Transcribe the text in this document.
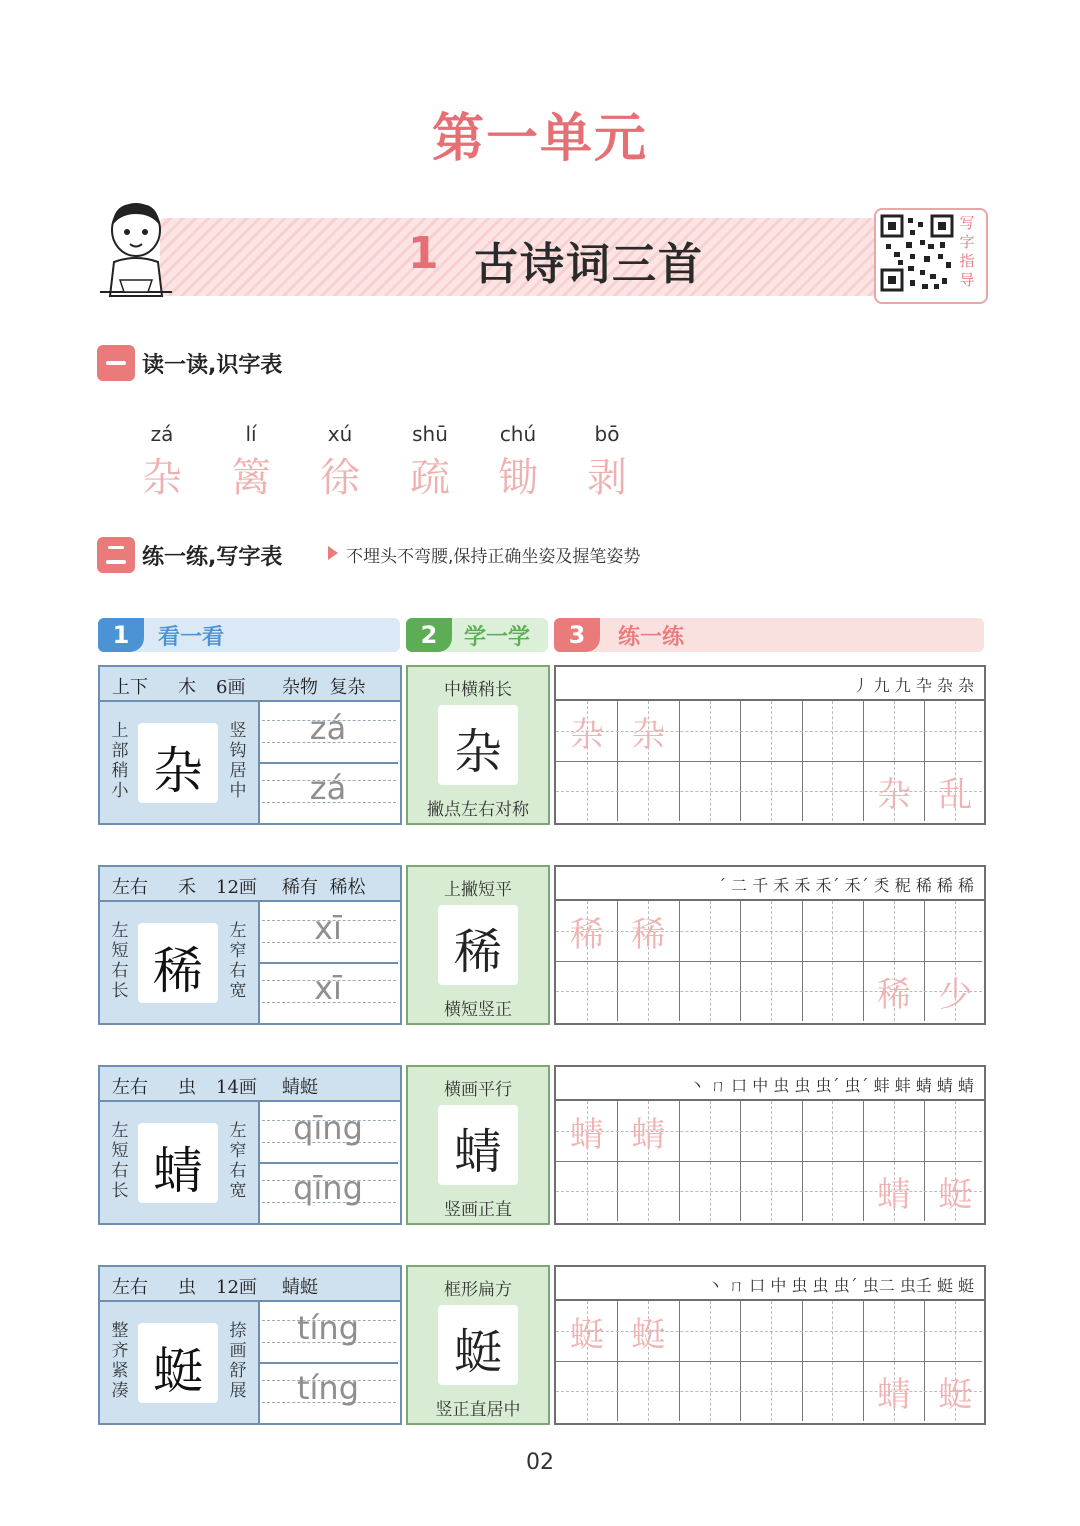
第一单元
1 古诗词三首
写字指导
读一读,识字表
zá
杂
lí
篱
xú
徐
shū
疏
chú
锄
bō
剥
练一练,写字表	不埋头不弯腰,保持正确坐姿及握笔姿势
1	看一看	2	学一学	3	练一练
上下 木 6画 杂物  复杂
上部稍小 杂
竖钩居中
zá
zá
中横稍长
杂
撇点左右对称
丿 九 九 卆 杂 杂
杂 杂
杂 乱
左右 禾 12画 稀有  稀松
左短右长 稀
左窄右宽
xī
xī
上撇短平
稀
横短竖正
ˊ 二 千 禾 禾 禾ˊ 禾ˊ 秂 秜 稀 稀 稀
稀 稀
稀 少
左右 虫 14画 蜻蜓
左短右长 蜻
左窄右宽
qīng
qīng
横画平行
蜻
竖画正直
丶 ㄇ 口 中 虫 虫 虫ˊ 虫ˊ 蚌 蚌 蜻 蜻 蜻
蜻 蜻
蜻 蜓
左右 虫 12画 蜻蜓
整齐紧凑 蜓
捺画舒展
tíng
tíng
框形扁方
蜓
竖正直居中
丶 ㄇ 口 中 虫 虫 虫ˊ 虫二 虫壬 蜓 蜓
蜓 蜓
蜻 蜓
02
